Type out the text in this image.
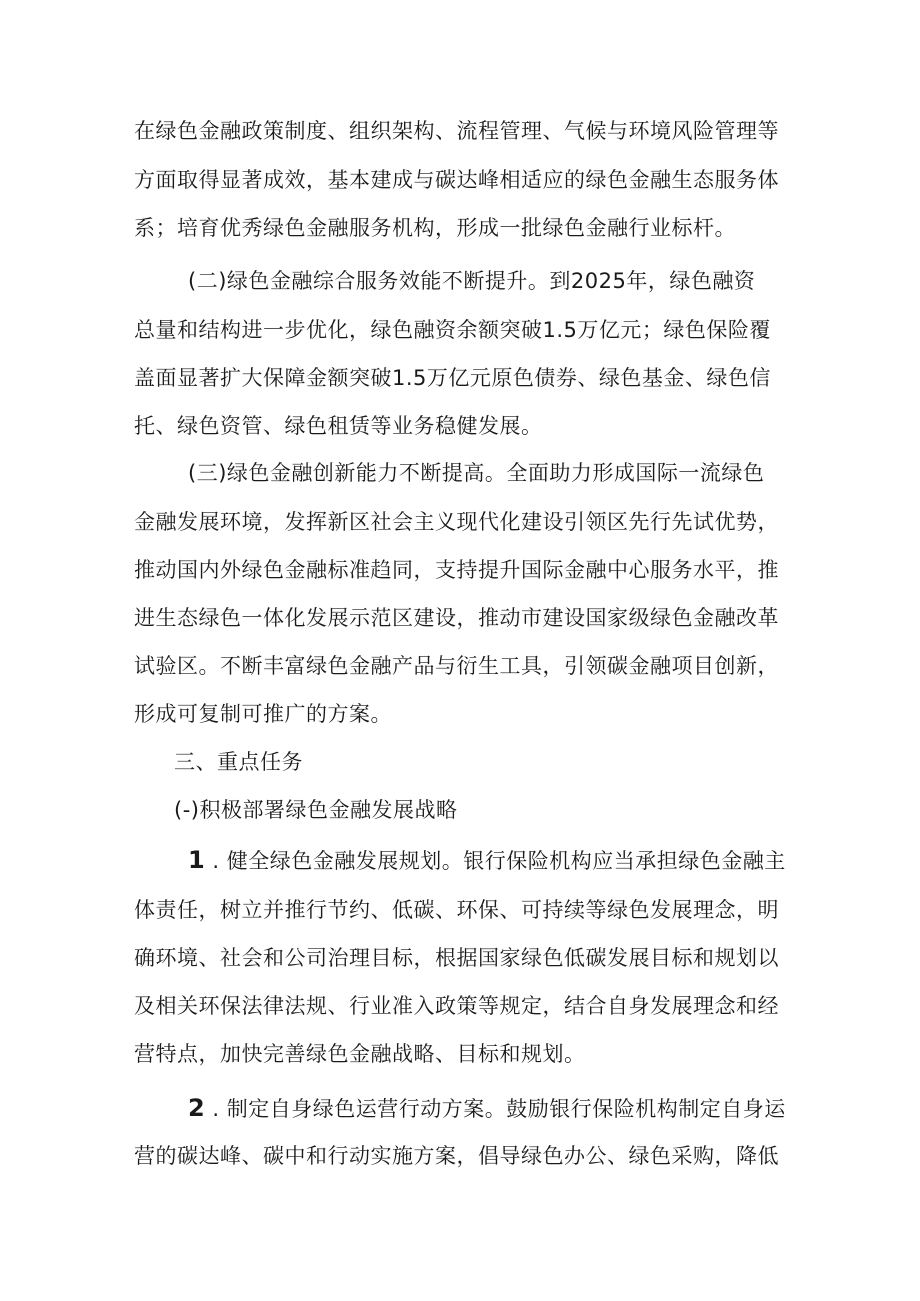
在绿色金融政策制度、组织架构、流程管理、气候与环境风险管理等
方面取得显著成效，基本建成与碳达峰相适应的绿色金融生态服务体
系；培育优秀绿色金融服务机构，形成一批绿色金融行业标杆。
(二)绿色金融综合服务效能不断提升。到2025年，绿色融资
总量和结构进一步优化，绿色融资余额突破1.5万亿元；绿色保险覆
盖面显著扩大保障金额突破1.5万亿元原色债券、绿色基金、绿色信
托、绿色资管、绿色租赁等业务稳健发展。
(三)绿色金融创新能力不断提高。全面助力形成国际一流绿色
金融发展环境，发挥新区社会主义现代化建设引领区先行先试优势，
推动国内外绿色金融标准趋同，支持提升国际金融中心服务水平，推
进生态绿色一体化发展示范区建设，推动市建设国家级绿色金融改革
试验区。不断丰富绿色金融产品与衍生工具，引领碳金融项目创新，
形成可复制可推广的方案。
三、重点任务
(-)积极部署绿色金融发展战略
1 . 健全绿色金融发展规划。银行保险机构应当承担绿色金融主
体责任，树立并推行节约、低碳、环保、可持续等绿色发展理念，明
确环境、社会和公司治理目标，根据国家绿色低碳发展目标和规划以
及相关环保法律法规、行业准入政策等规定，结合自身发展理念和经
营特点，加快完善绿色金融战略、目标和规划。
2 . 制定自身绿色运营行动方案。鼓励银行保险机构制定自身运
营的碳达峰、碳中和行动实施方案，倡导绿色办公、绿色采购，降低
